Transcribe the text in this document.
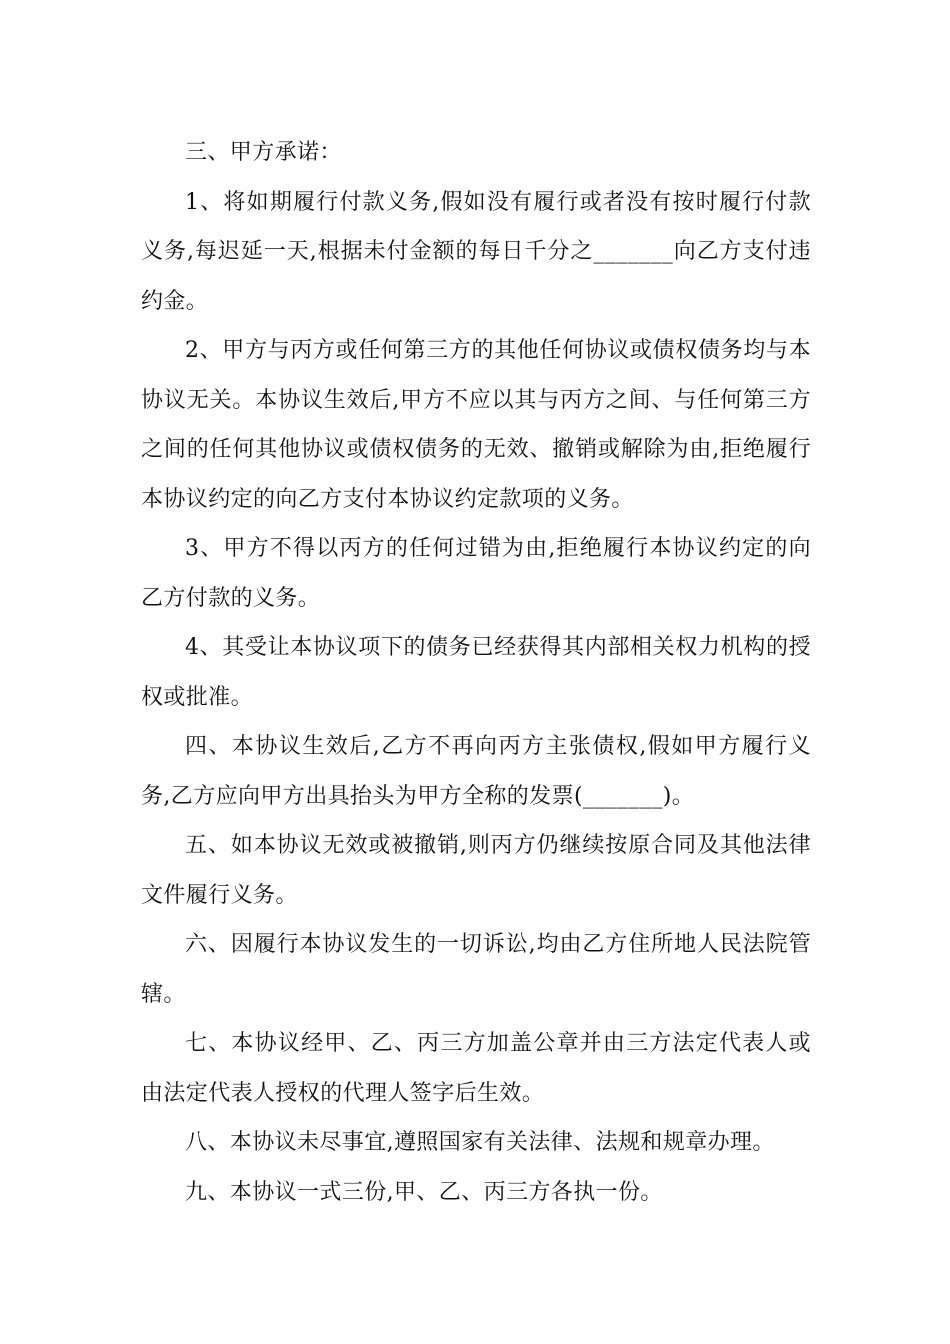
三、甲方承诺：

1、将如期履行付款义务,假如没有履行或者没有按时履行付款义务,每迟延一天,根据未付金额的每日千分之_______向乙方支付违约金。

2、甲方与丙方或任何第三方的其他任何协议或债权债务均与本协议无关。本协议生效后,甲方不应以其与丙方之间、与任何第三方之间的任何其他协议或债权债务的无效、撤销或解除为由,拒绝履行本协议约定的向乙方支付本协议约定款项的义务。

3、甲方不得以丙方的任何过错为由,拒绝履行本协议约定的向乙方付款的义务。

4、其受让本协议项下的债务已经获得其内部相关权力机构的授权或批准。

四、本协议生效后,乙方不再向丙方主张债权,假如甲方履行义务,乙方应向甲方出具抬头为甲方全称的发票(_______)。

五、如本协议无效或被撤销,则丙方仍继续按原合同及其他法律文件履行义务。

六、因履行本协议发生的一切诉讼,均由乙方住所地人民法院管辖。

七、本协议经甲、乙、丙三方加盖公章并由三方法定代表人或由法定代表人授权的代理人签字后生效。

八、本协议未尽事宜,遵照国家有关法律、法规和规章办理。

九、本协议一式三份,甲、乙、丙三方各执一份。
